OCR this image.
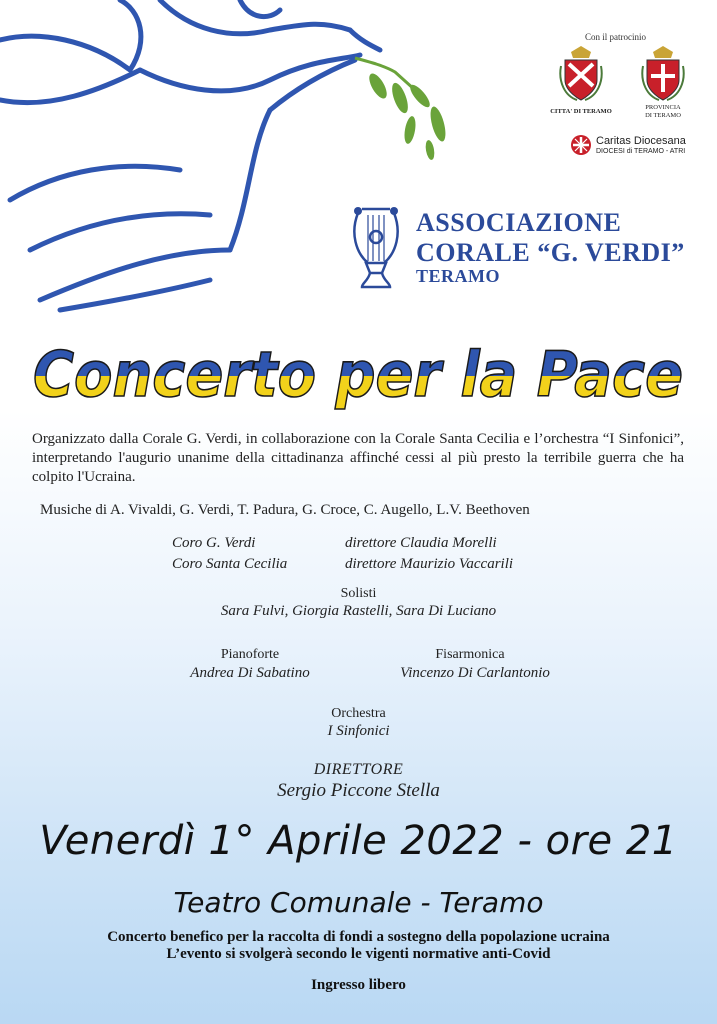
Con il patrocinio
CITTA' DI TERAMO
PROVINCIA
DI TERAMO
Caritas Diocesana
DIOCESI di TERAMO - ATRI
ASSOCIAZIONE
CORALE “G. VERDI”
TERAMO
Concerto per la Pace
Organizzato dalla Corale G. Verdi, in collaborazione con la Corale Santa Cecilia e l’orchestra “I Sinfonici”, interpretando l'augurio unanime della cittadinanza affinché cessi al più presto la terribile guerra che ha colpito l'Ucraina.
Musiche di A. Vivaldi, G. Verdi, T. Padura, G. Croce, C. Augello, L.V. Beethoven
Coro G. Verdi	direttore Claudia Morelli
Coro Santa Cecilia	direttore Maurizio Vaccarili
Solisti
Sara Fulvi, Giorgia Rastelli, Sara Di Luciano
Pianoforte
Andrea Di Sabatino
Fisarmonica
Vincenzo Di Carlantonio
Orchestra
I Sinfonici
DIRETTORE
Sergio Piccone Stella
Venerdì 1° Aprile 2022 - ore 21
Teatro Comunale - Teramo
Concerto benefico per la raccolta di fondi a sostegno della popolazione ucraina
L’evento si svolgerà secondo le vigenti normative anti-Covid
Ingresso libero
